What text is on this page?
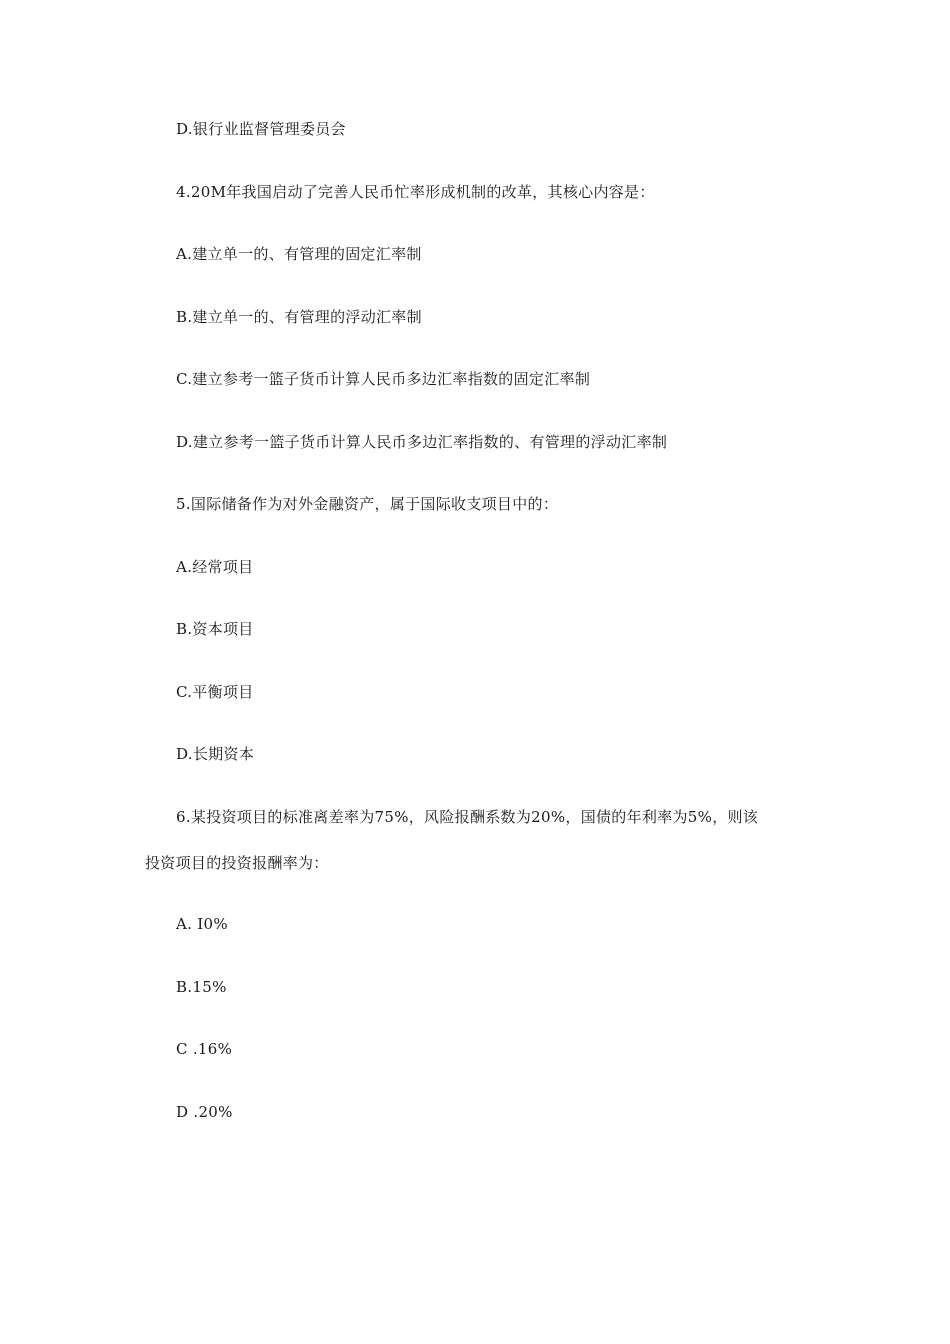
D.银行业监督管理委员会
4.20M年我国启动了完善人民币忙率形成机制的改革，其核心内容是：
A.建立单一的、有管理的固定汇率制
B.建立单一的、有管理的浮动汇率制
C.建立参考一篮子货币计算人民币多边汇率指数的固定汇率制
D.建立参考一篮子货币计算人民币多边汇率指数的、有管理的浮动汇率制
5.国际储备作为对外金融资产，属于国际收支项目中的：
A.经常项目
B.资本项目
C.平衡项目
D.长期资本
6.某投资项目的标准离差率为75%，风险报酬系数为20%，国债的年利率为5%，则该
投资项目的投资报酬率为：
A. I0%
B.15%
C .16%
D .20%
